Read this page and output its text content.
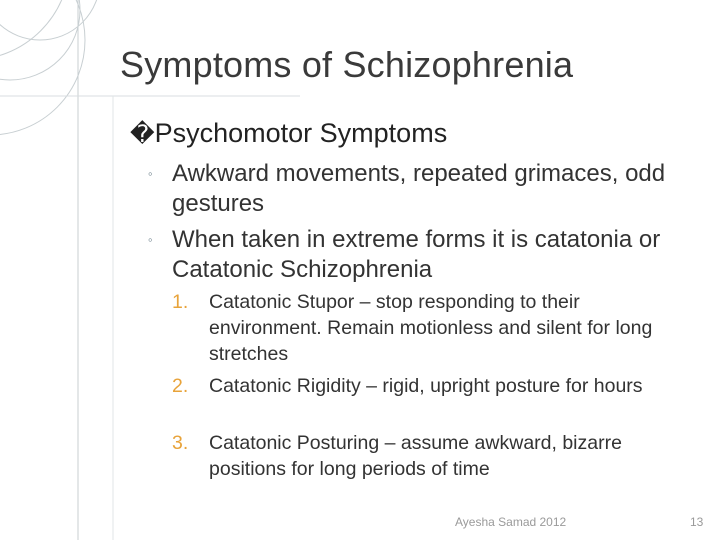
Symptoms of Schizophrenia
�Psychomotor Symptoms
◦ Awkward movements, repeated grimaces, odd gestures
◦ When taken in extreme forms it is catatonia or Catatonic Schizophrenia
1. Catatonic Stupor – stop responding to their environment. Remain motionless and silent for long stretches
2. Catatonic Rigidity – rigid, upright posture for hours
3. Catatonic Posturing – assume awkward, bizarre positions for long periods of time
Ayesha Samad 2012	13
